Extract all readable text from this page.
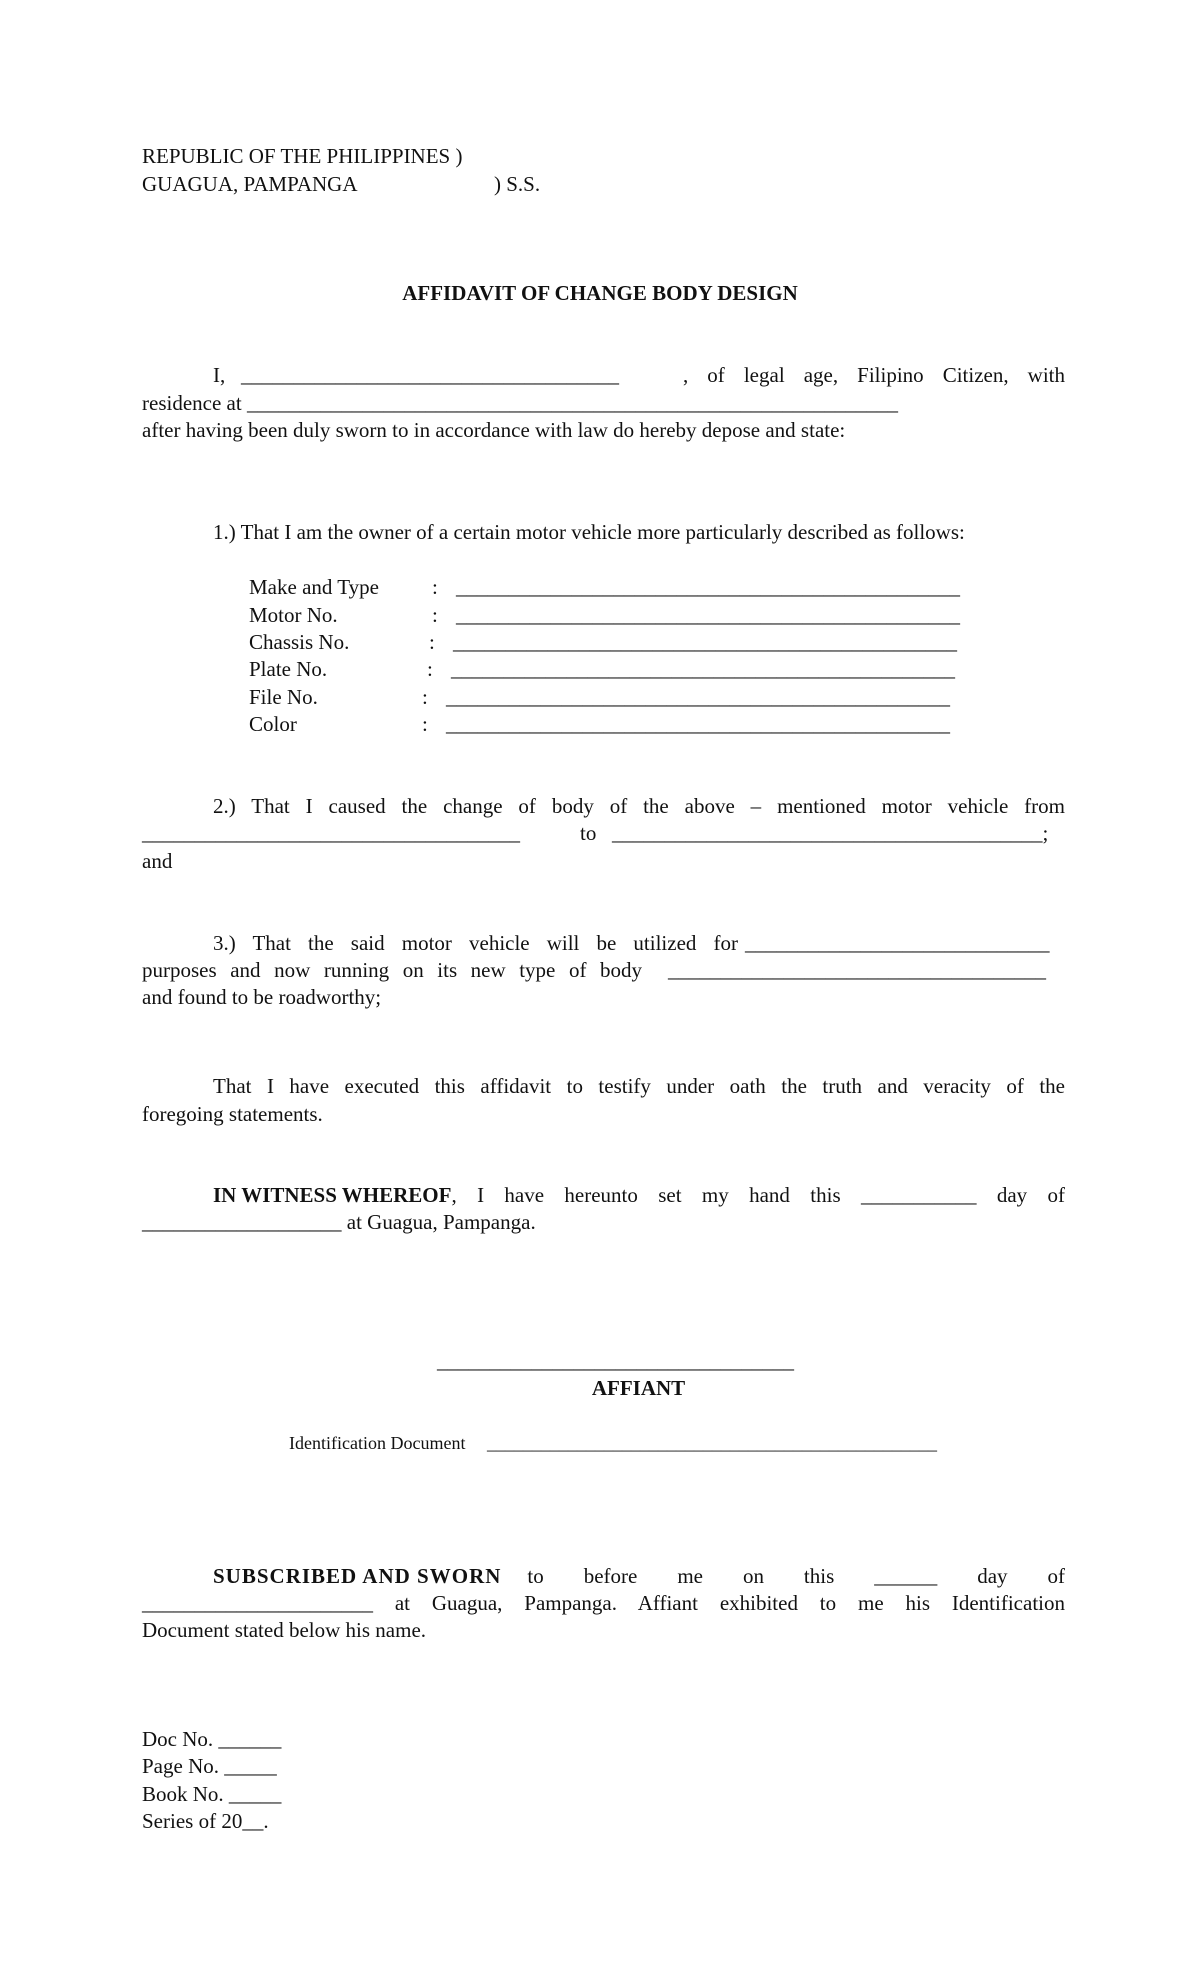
REPUBLIC OF THE PHILIPPINES )
GUAGUA, PAMPANGA	) S.S.
AFFIDAVIT OF CHANGE BODY DESIGN
I, ____________________________________	, of legal age, Filipino Citizen, with
residence at ______________________________________________________________
after having been duly sworn to in accordance with law do hereby depose and state:
1.) That I am the owner of a certain motor vehicle more particularly described as follows:
Make and Type	: ________________________________________________
Motor No.	: ________________________________________________
Chassis No.	: ________________________________________________
Plate No.	: ________________________________________________
File No.	: ________________________________________________
Color	: ________________________________________________
2.) That I caused the change of body of the above – mentioned motor vehicle from
____________________________________	to _________________________________________;
and
3.) That the said motor vehicle will be utilized for _____________________________
purposes and now running on its new type of body ____________________________________
and found to be roadworthy;
That I have executed this affidavit to testify under oath the truth and veracity of the
foregoing statements.
IN WITNESS WHEREOF , I have hereunto set my hand this ___________ day of
___________________ at Guagua, Pampanga.
__________________________________
AFFIANT
Identification Document __________________________________________________
SUBSCRIBED AND SWORN to before me on this ______ day of
______________________ at Guagua, Pampanga. Affiant exhibited to me his Identification
Document stated below his name.
Doc No. ______
Page No. _____
Book No. _____
Series of 20__.
